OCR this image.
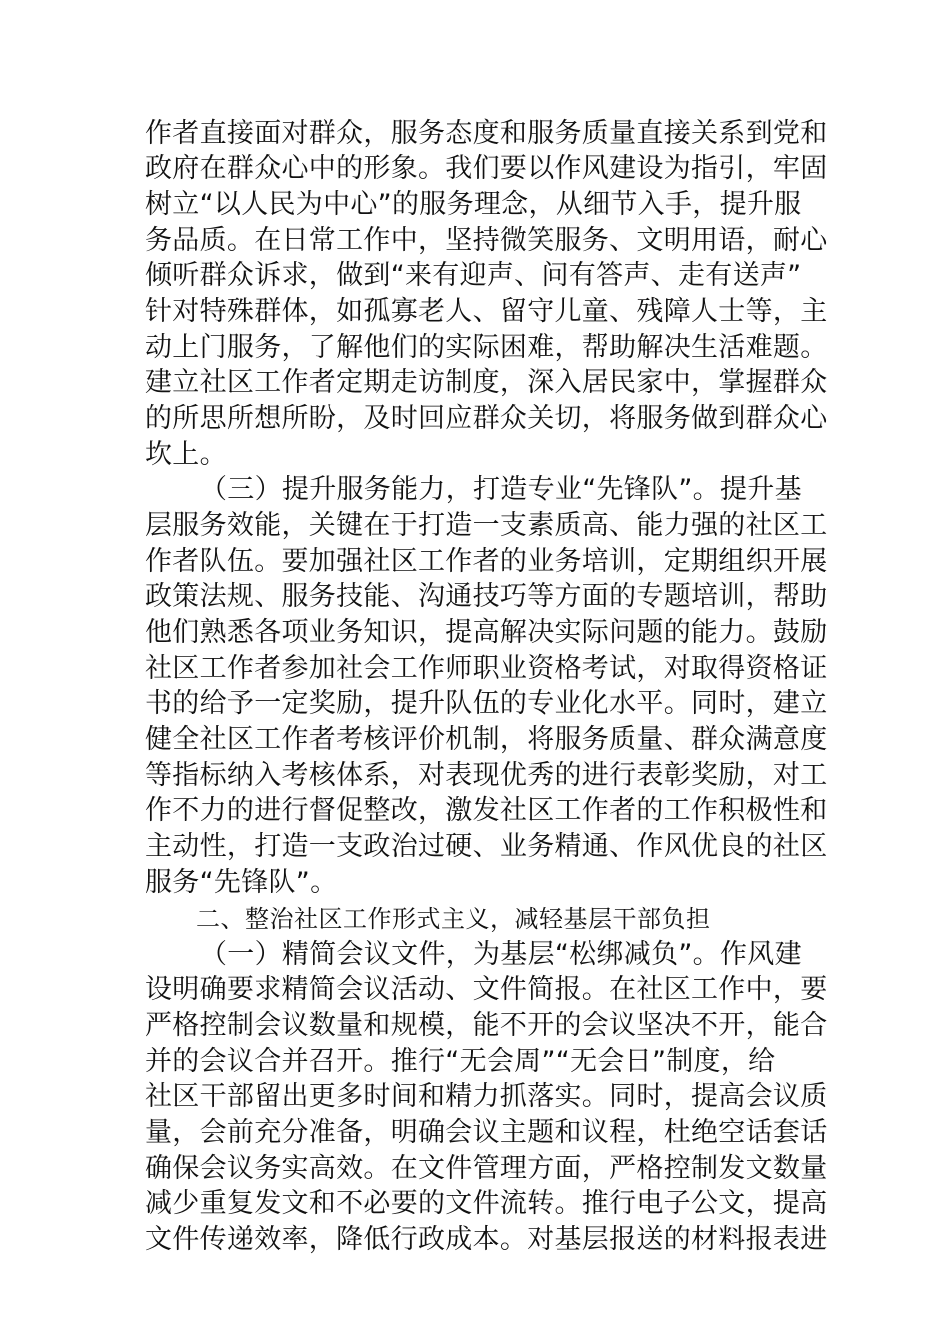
作者直接面对群众，服务态度和服务质量直接关系到党和
政府在群众心中的形象。我们要以作风建设为指引，牢固
树立“以人民为中心”的服务理念，从细节入手，提升服
务品质。在日常工作中，坚持微笑服务、文明用语，耐心
倾听群众诉求，做到“来有迎声、问有答声、走有送声”
针对特殊群体，如孤寡老人、留守儿童、残障人士等，主
动上门服务，了解他们的实际困难，帮助解决生活难题。
建立社区工作者定期走访制度，深入居民家中，掌握群众
的所思所想所盼，及时回应群众关切，将服务做到群众心
坎上。
（三）提升服务能力，打造专业“先锋队”。提升基
层服务效能，关键在于打造一支素质高、能力强的社区工
作者队伍。要加强社区工作者的业务培训，定期组织开展
政策法规、服务技能、沟通技巧等方面的专题培训，帮助
他们熟悉各项业务知识，提高解决实际问题的能力。鼓励
社区工作者参加社会工作师职业资格考试，对取得资格证
书的给予一定奖励，提升队伍的专业化水平。同时，建立
健全社区工作者考核评价机制，将服务质量、群众满意度
等指标纳入考核体系，对表现优秀的进行表彰奖励，对工
作不力的进行督促整改，激发社区工作者的工作积极性和
主动性，打造一支政治过硬、业务精通、作风优良的社区
服务“先锋队”。
二、整治社区工作形式主义，减轻基层干部负担
（一）精简会议文件，为基层“松绑减负”。作风建
设明确要求精简会议活动、文件简报。在社区工作中，要
严格控制会议数量和规模，能不开的会议坚决不开，能合
并的会议合并召开。推行“无会周”“无会日”制度，给
社区干部留出更多时间和精力抓落实。同时，提高会议质
量，会前充分准备，明确会议主题和议程，杜绝空话套话
确保会议务实高效。在文件管理方面，严格控制发文数量
减少重复发文和不必要的文件流转。推行电子公文，提高
文件传递效率，降低行政成本。对基层报送的材料报表进
